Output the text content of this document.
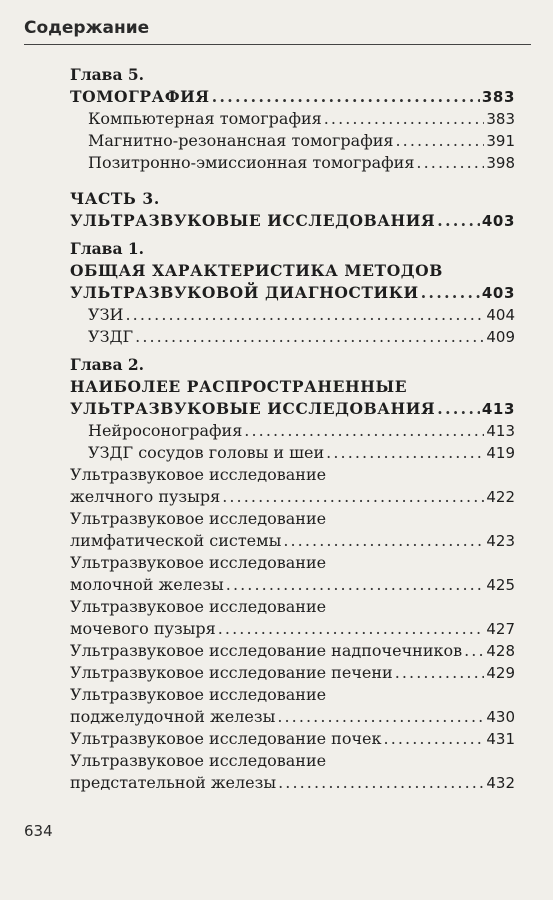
Содержание
Глава 5.
ТОМОГРАФИЯ . . .	383
Компьютерная томография . . .	383
Магнитно-резонансная томография . . .	391
Позитронно-эмиссионная томография . . .	398
ЧАСТЬ 3.
УЛЬТРАЗВУКОВЫЕ ИССЛЕДОВАНИЯ . . .	403
Глава 1.
ОБЩАЯ ХАРАКТЕРИСТИКА МЕТОДОВ
УЛЬТРАЗВУКОВОЙ ДИАГНОСТИКИ . . .	403
УЗИ . . .	404
УЗДГ . . .	409
Глава 2.
НАИБОЛЕЕ РАСПРОСТРАНЕННЫЕ
УЛЬТРАЗВУКОВЫЕ ИССЛЕДОВАНИЯ . . .	413
Нейросонография . . .	413
УЗДГ сосудов головы и шеи . . .	419
Ультразвуковое исследование
желчного пузыря . . .	422
Ультразвуковое исследование
лимфатической системы . . .	423
Ультразвуковое исследование
молочной железы . . .	425
Ультразвуковое исследование
мочевого пузыря . . .	427
Ультразвуковое исследование надпочечников . . . 428
Ультразвуковое исследование печени . . .	429
Ультразвуковое исследование
поджелудочной железы . . .	430
Ультразвуковое исследование почек . . .	431
Ультразвуковое исследование
предстательной железы . . .	432
634
